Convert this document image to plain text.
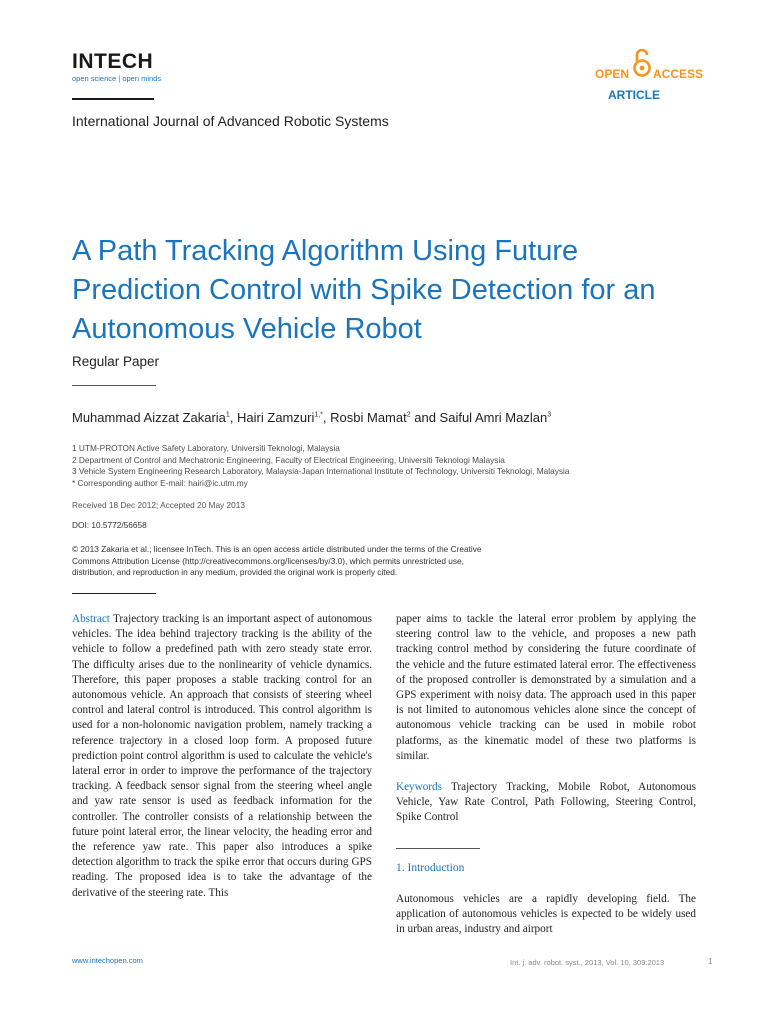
INTECH
open science | open minds	OPEN ACCESS
ARTICLE
International Journal of Advanced Robotic Systems
A Path Tracking Algorithm Using Future Prediction Control with Spike Detection for an Autonomous Vehicle Robot
Regular Paper
Muhammad Aizzat Zakaria$^1$, Hairi Zamzuri$^{1,*}$, Rosbi Mamat$^2$ and Saiful Amri Mazlan$^3$
1 UTM-PROTON Active Safety Laboratory, Universiti Teknologi, Malaysia
2 Department of Control and Mechatronic Engineering, Faculty of Electrical Engineering, Universiti Teknologi Malaysia
3 Vehicle System Engineering Research Laboratory, Malaysia-Japan International Institute of Technology, Universiti Teknologi, Malaysia
* Corresponding author E-mail: hairi@ic.utm.my
Received 18 Dec 2012; Accepted 20 May 2013
DOI: 10.5772/56658
© 2013 Zakaria et al.; licensee InTech. This is an open access article distributed under the terms of the Creative
Commons Attribution License (http://creativecommons.org/licenses/by/3.0), which permits unrestricted use,
distribution, and reproduction in any medium, provided the original work is properly cited.
Abstract Trajectory tracking is an important aspect of autonomous vehicles. The idea behind trajectory tracking is the ability of the vehicle to follow a predefined path with zero steady state error. The difficulty arises due to the nonlinearity of vehicle dynamics. Therefore, this paper proposes a stable tracking control for an autonomous vehicle. An approach that consists of steering wheel control and lateral control is introduced. This control algorithm is used for a non-holonomic navigation problem, namely tracking a reference trajectory in a closed loop form. A proposed future prediction point control algorithm is used to calculate the vehicle's lateral error in order to improve the performance of the trajectory tracking. A feedback sensor signal from the steering wheel angle and yaw rate sensor is used as feedback information for the controller. The controller consists of a relationship between the future point lateral error, the linear velocity, the heading error and the reference yaw rate. This paper also introduces a spike detection algorithm to track the spike error that occurs during GPS reading. The proposed idea is to take the advantage of the derivative of the steering rate. This
paper aims to tackle the lateral error problem by applying the steering control law to the vehicle, and proposes a new path tracking control method by considering the future coordinate of the vehicle and the future estimated lateral error. The effectiveness of the proposed controller is demonstrated by a simulation and a GPS experiment with noisy data. The approach used in this paper is not limited to autonomous vehicles alone since the concept of autonomous vehicle tracking can be used in mobile robot platforms, as the kinematic model of these two platforms is similar.
Keywords Trajectory Tracking, Mobile Robot, Autonomous Vehicle, Yaw Rate Control, Path Following, Steering Control, Spike Control
1. Introduction
Autonomous vehicles are a rapidly developing field. The application of autonomous vehicles is expected to be widely used in urban areas, industry and airport
www.intechopen.com	Int. j. adv. robot. syst., 2013, Vol. 10, 309:2013	1
